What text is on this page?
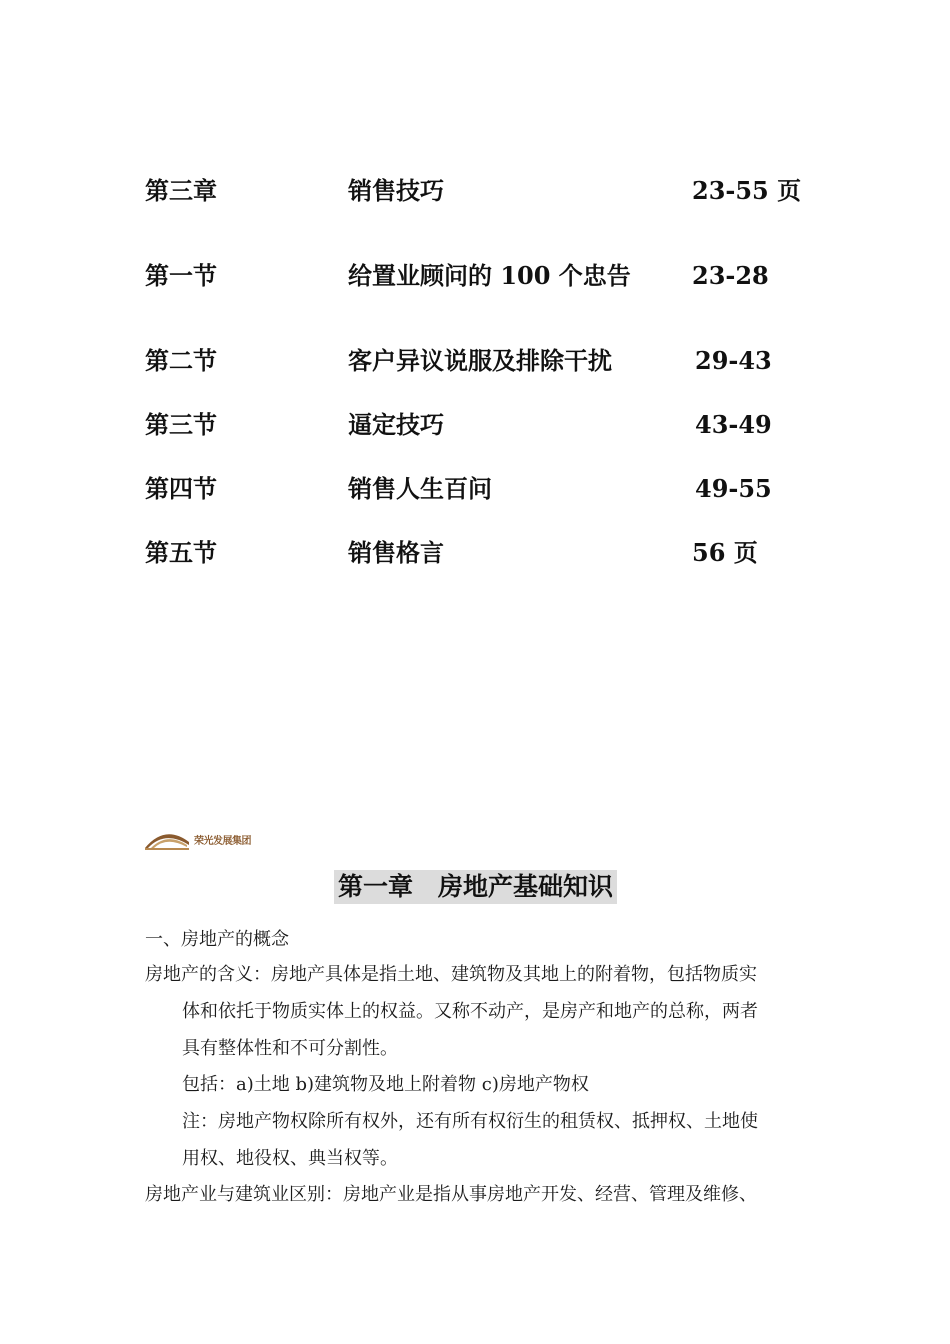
第三章	销售技巧	23-55 页
第一节	给置业顾问的 100 个忠告	23-28
第二节	客户异议说服及排除干扰	29-43
第三节	逼定技巧	43-49
第四节	销售人生百问	49-55
第五节	销售格言	56 页
荣光发展集团
第一章　房地产基础知识
一、房地产的概念
房地产的含义：房地产具体是指土地、建筑物及其地上的附着物，包括物质实
体和依托于物质实体上的权益。又称不动产，是房产和地产的总称，两者
具有整体性和不可分割性。
包括：a)土地 b)建筑物及地上附着物 c)房地产物权
注：房地产物权除所有权外，还有所有权衍生的租赁权、抵押权、土地使
用权、地役权、典当权等。
房地产业与建筑业区别：房地产业是指从事房地产开发、经营、管理及维修、
